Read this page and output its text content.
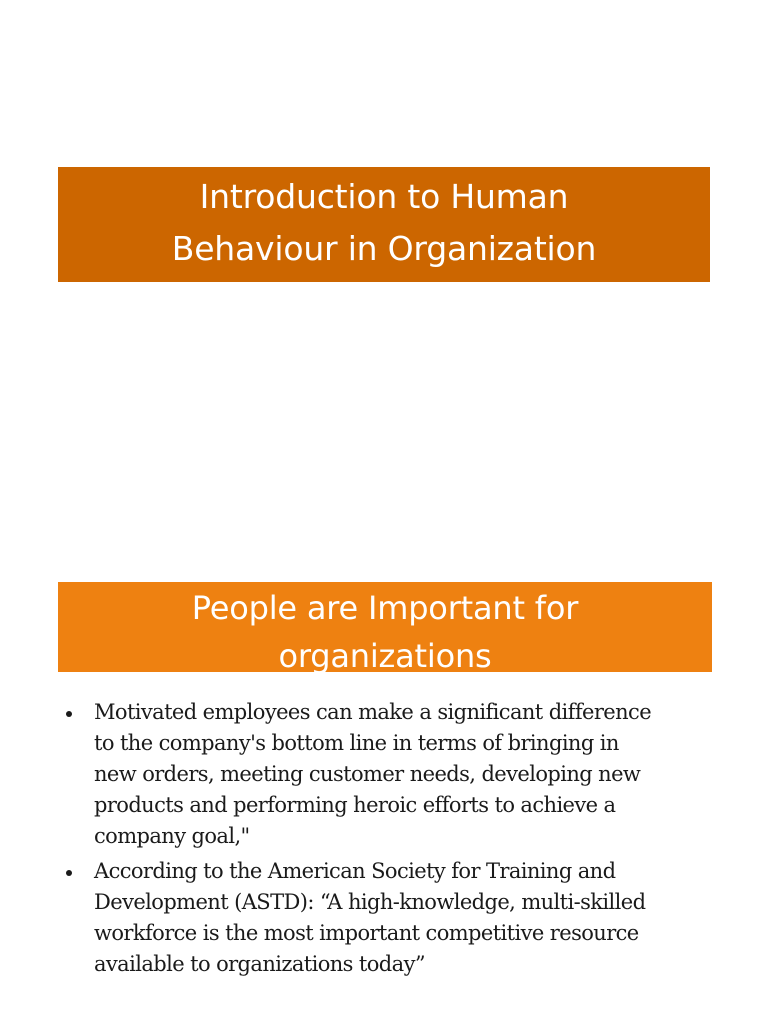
Introduction to Human
Behaviour in Organization
People are Important for
organizations
Motivated employees can make a significant difference
to the company's bottom line in terms of bringing in
new orders, meeting customer needs, developing new
products and performing heroic efforts to achieve a
company goal,"
According to the American Society for Training and
Development (ASTD): “A high-knowledge, multi-skilled
workforce is the most important competitive resource
available to organizations today”
